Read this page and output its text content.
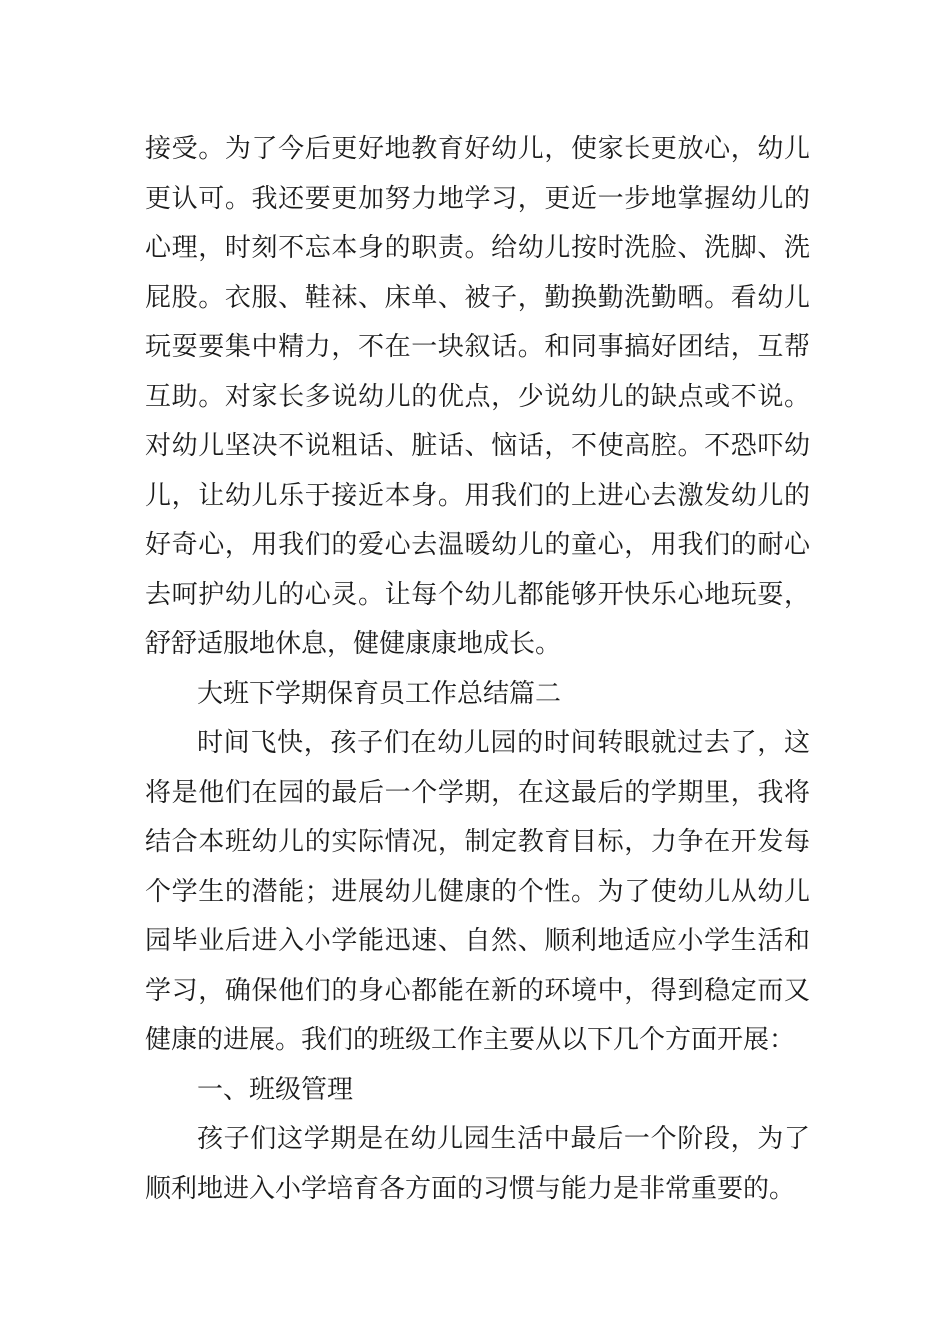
接受。为了今后更好地教育好幼儿，使家长更放心，幼儿更认可。我还要更加努力地学习，更近一步地掌握幼儿的心理，时刻不忘本身的职责。给幼儿按时洗脸、洗脚、洗屁股。衣服、鞋袜、床单、被子，勤换勤洗勤晒。看幼儿玩耍要集中精力，不在一块叙话。和同事搞好团结，互帮互助。对家长多说幼儿的优点，少说幼儿的缺点或不说。对幼儿坚决不说粗话、脏话、恼话，不使高腔。不恐吓幼儿，让幼儿乐于接近本身。用我们的上进心去激发幼儿的好奇心，用我们的爱心去温暖幼儿的童心，用我们的耐心去呵护幼儿的心灵。让每个幼儿都能够开快乐心地玩耍，舒舒适服地休息，健健康康地成长。

大班下学期保育员工作总结篇二

时间飞快，孩子们在幼儿园的时间转眼就过去了，这将是他们在园的最后一个学期，在这最后的学期里，我将结合本班幼儿的实际情况，制定教育目标，力争在开发每个学生的潜能；进展幼儿健康的个性。为了使幼儿从幼儿园毕业后进入小学能迅速、自然、顺利地适应小学生活和学习，确保他们的身心都能在新的环境中，得到稳定而又健康的进展。我们的班级工作主要从以下几个方面开展：

一、班级管理

孩子们这学期是在幼儿园生活中最后一个阶段，为了顺利地进入小学培育各方面的习惯与能力是非常重要的。
